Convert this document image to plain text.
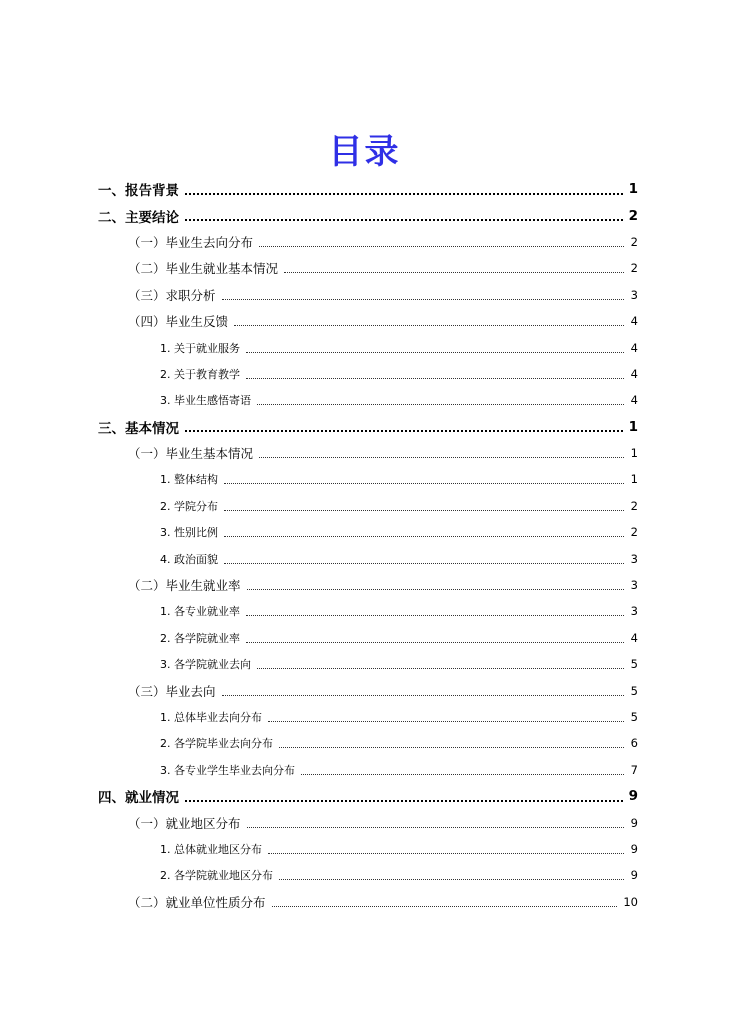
目录
一、报告背景	1
二、主要结论	2
（一）毕业生去向分布	2
（二）毕业生就业基本情况	2
（三）求职分析	3
（四）毕业生反馈	4
1. 关于就业服务	4
2. 关于教育教学	4
3. 毕业生感悟寄语	4
三、基本情况	1
（一）毕业生基本情况	1
1. 整体结构	1
2. 学院分布	2
3. 性别比例	2
4. 政治面貌	3
（二）毕业生就业率	3
1. 各专业就业率	3
2. 各学院就业率	4
3. 各学院就业去向	5
（三）毕业去向	5
1. 总体毕业去向分布	5
2. 各学院毕业去向分布	6
3. 各专业学生毕业去向分布	7
四、就业情况	9
（一）就业地区分布	9
1. 总体就业地区分布	9
2. 各学院就业地区分布	9
（二）就业单位性质分布	10
